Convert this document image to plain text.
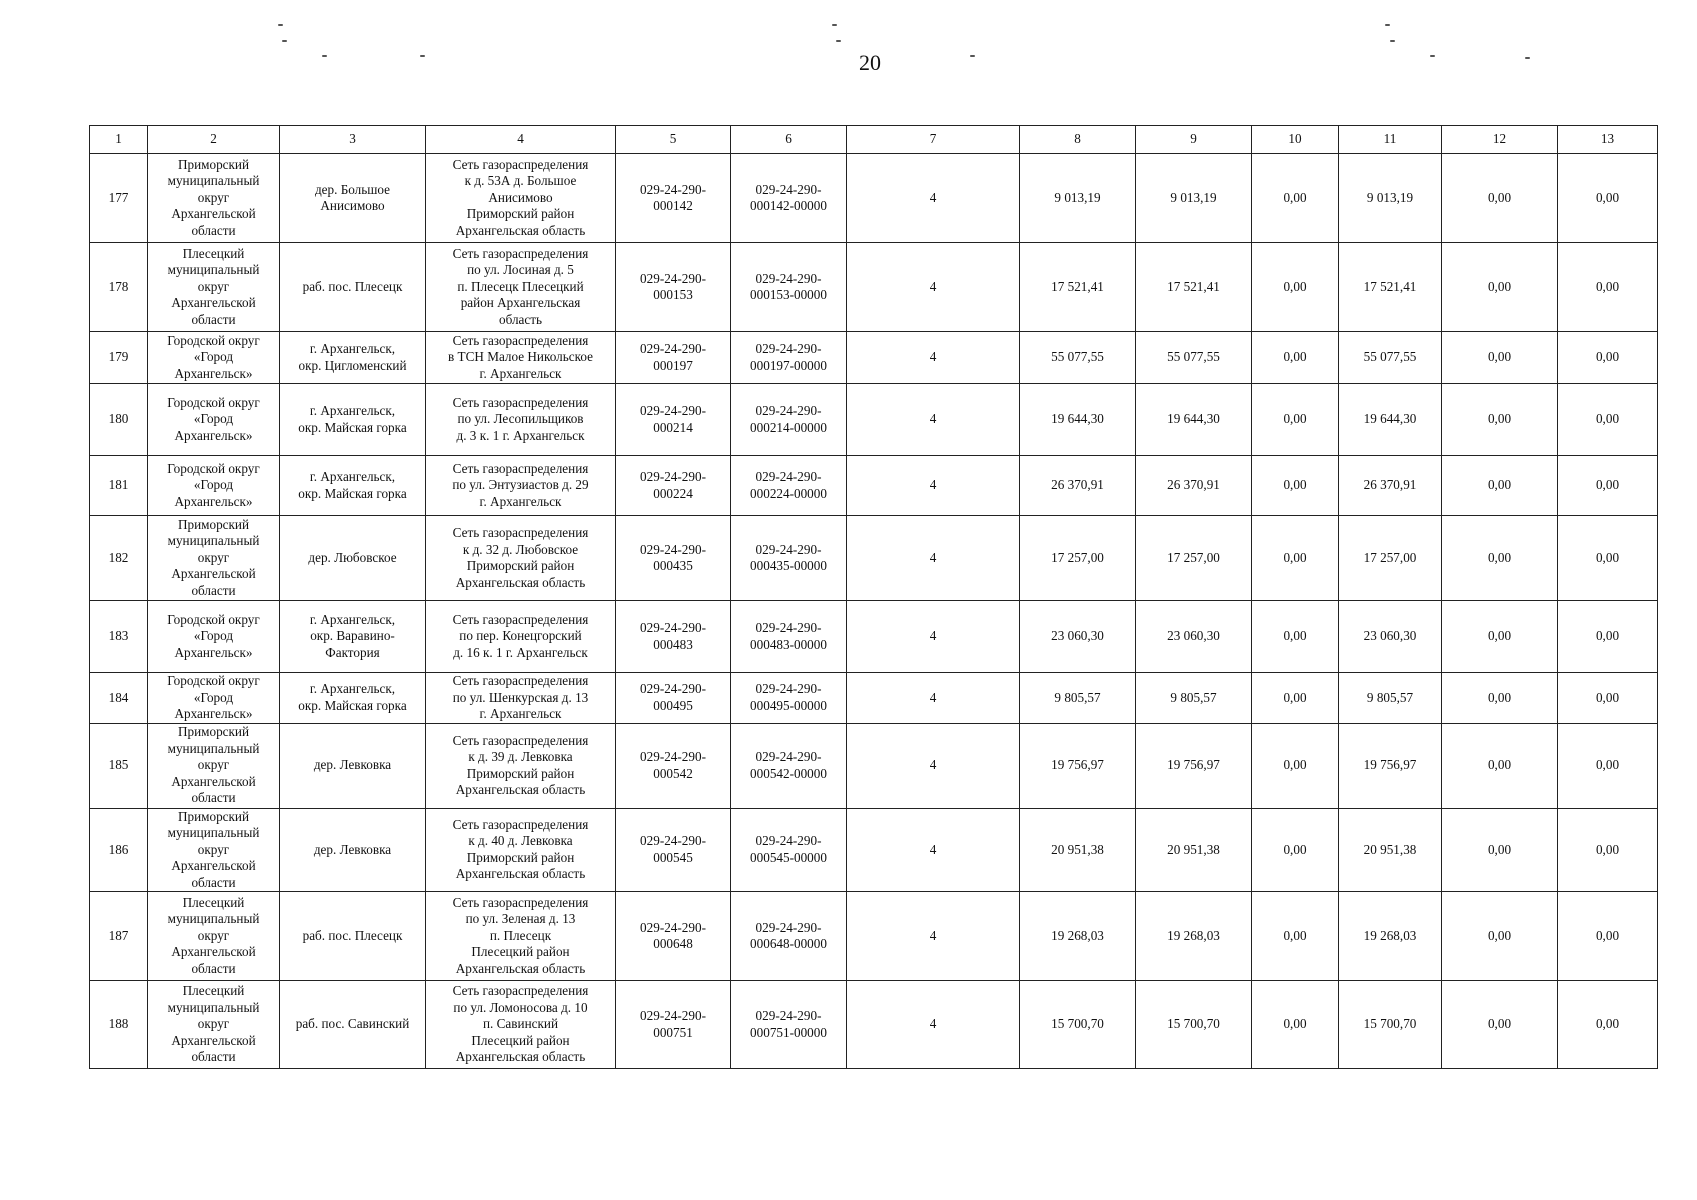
20
1	2	3	4	5	6	7	8	9	10	11	12	13
177	Приморский
муниципальный
округ
Архангельской
области	дер. Большое
Анисимово	Сеть газораспределения
к д. 53А д. Большое
Анисимово
Приморский район
Архангельская область	029-24-290-
000142	029-24-290-
000142-00000	4	9 013,19	9 013,19	0,00	9 013,19	0,00	0,00
178	Плесецкий
муниципальный
округ
Архангельской
области	раб. пос. Плесецк	Сеть газораспределения
по ул. Лосиная д. 5
п. Плесецк Плесецкий
район Архангельская
область	029-24-290-
000153	029-24-290-
000153-00000	4	17 521,41	17 521,41	0,00	17 521,41	0,00	0,00
179	Городской округ
«Город
Архангельск»	г. Архангельск,
окр. Цигломенский	Сеть газораспределения
в ТСН Малое Никольское
г. Архангельск	029-24-290-
000197	029-24-290-
000197-00000	4	55 077,55	55 077,55	0,00	55 077,55	0,00	0,00
180	Городской округ
«Город
Архангельск»	г. Архангельск,
окр. Майская горка	Сеть газораспределения
по ул. Лесопильщиков
д. 3 к. 1 г. Архангельск	029-24-290-
000214	029-24-290-
000214-00000	4	19 644,30	19 644,30	0,00	19 644,30	0,00	0,00
181	Городской округ
«Город
Архангельск»	г. Архангельск,
окр. Майская горка	Сеть газораспределения
по ул. Энтузиастов д. 29
г. Архангельск	029-24-290-
000224	029-24-290-
000224-00000	4	26 370,91	26 370,91	0,00	26 370,91	0,00	0,00
182	Приморский
муниципальный
округ
Архангельской
области	дер. Любовское	Сеть газораспределения
к д. 32 д. Любовское
Приморский район
Архангельская область	029-24-290-
000435	029-24-290-
000435-00000	4	17 257,00	17 257,00	0,00	17 257,00	0,00	0,00
183	Городской округ
«Город
Архангельск»	г. Архангельск,
окр. Варавино-
Фактория	Сеть газораспределения
по пер. Конецгорский
д. 16 к. 1 г. Архангельск	029-24-290-
000483	029-24-290-
000483-00000	4	23 060,30	23 060,30	0,00	23 060,30	0,00	0,00
184	Городской округ
«Город
Архангельск»	г. Архангельск,
окр. Майская горка	Сеть газораспределения
по ул. Шенкурская д. 13
г. Архангельск	029-24-290-
000495	029-24-290-
000495-00000	4	9 805,57	9 805,57	0,00	9 805,57	0,00	0,00
185	Приморский
муниципальный
округ
Архангельской
области	дер. Левковка	Сеть газораспределения
к д. 39 д. Левковка
Приморский район
Архангельская область	029-24-290-
000542	029-24-290-
000542-00000	4	19 756,97	19 756,97	0,00	19 756,97	0,00	0,00
186	Приморский
муниципальный
округ
Архангельской
области	дер. Левковка	Сеть газораспределения
к д. 40 д. Левковка
Приморский район
Архангельская область	029-24-290-
000545	029-24-290-
000545-00000	4	20 951,38	20 951,38	0,00	20 951,38	0,00	0,00
187	Плесецкий
муниципальный
округ
Архангельской
области	раб. пос. Плесецк	Сеть газораспределения
по ул. Зеленая д. 13
п. Плесецк
Плесецкий район
Архангельская область	029-24-290-
000648	029-24-290-
000648-00000	4	19 268,03	19 268,03	0,00	19 268,03	0,00	0,00
188	Плесецкий
муниципальный
округ
Архангельской
области	раб. пос. Савинский	Сеть газораспределения
по ул. Ломоносова д. 10
п. Савинский
Плесецкий район
Архангельская область	029-24-290-
000751	029-24-290-
000751-00000	4	15 700,70	15 700,70	0,00	15 700,70	0,00	0,00
